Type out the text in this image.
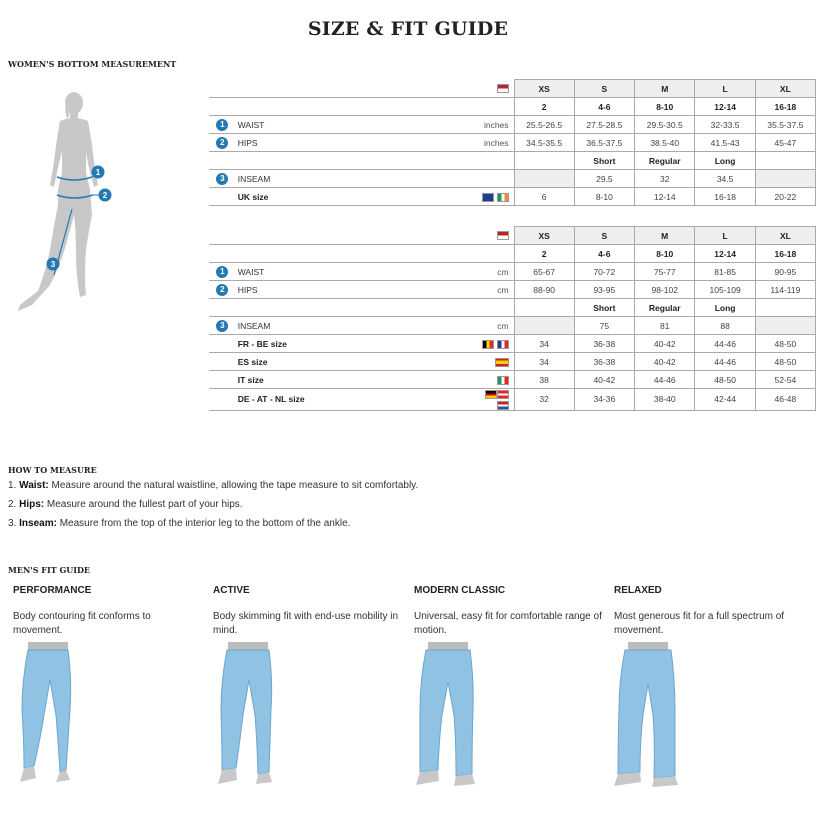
SIZE & FIT GUIDE
WOMEN'S BOTTOM MEASUREMENT
1
2
3
			XS	S	M	L	XL
			2	4-6	8-10	12-14	16-18
1	WAIST	inches	25.5-26.5	27.5-28.5	29.5-30.5	32-33.5	35.5-37.5
2	HIPS	inches	34.5-35.5	36.5-37.5	38.5-40	41.5-43	45-47
				Short	Regular	Long	
3	INSEAM			29.5	32	34.5	
	UK size		6	8-10	12-14	16-18	20-22
			XS	S	M	L	XL
			2	4-6	8-10	12-14	16-18
1	WAIST	cm	65-67	70-72	75-77	81-85	90-95
2	HIPS	cm	88-90	93-95	98-102	105-109	114-119
				Short	Regular	Long	
3	INSEAM	cm		75	81	88	
	FR - BE size		34	36-38	40-42	44-46	48-50
	ES size		34	36-38	40-42	44-46	48-50
	IT size		38	40-42	44-46	48-50	52-54
	DE - AT - NL size		32	34-36	38-40	42-44	46-48
HOW TO MEASURE
1. Waist: Measure around the natural waistline, allowing the tape measure to sit comfortably.
2. Hips: Measure around the fullest part of your hips.
3. Inseam: Measure from the top of the interior leg to the bottom of the ankle.
MEN'S FIT GUIDE
PERFORMANCE	ACTIVE	MODERN CLASSIC	RELAXED
Body contouring fit conforms to movement.
Body skimming fit with end-use mobility in mind.
Universal, easy fit for comfortable range of motion.
Most generous fit for a full spectrum of movement.
